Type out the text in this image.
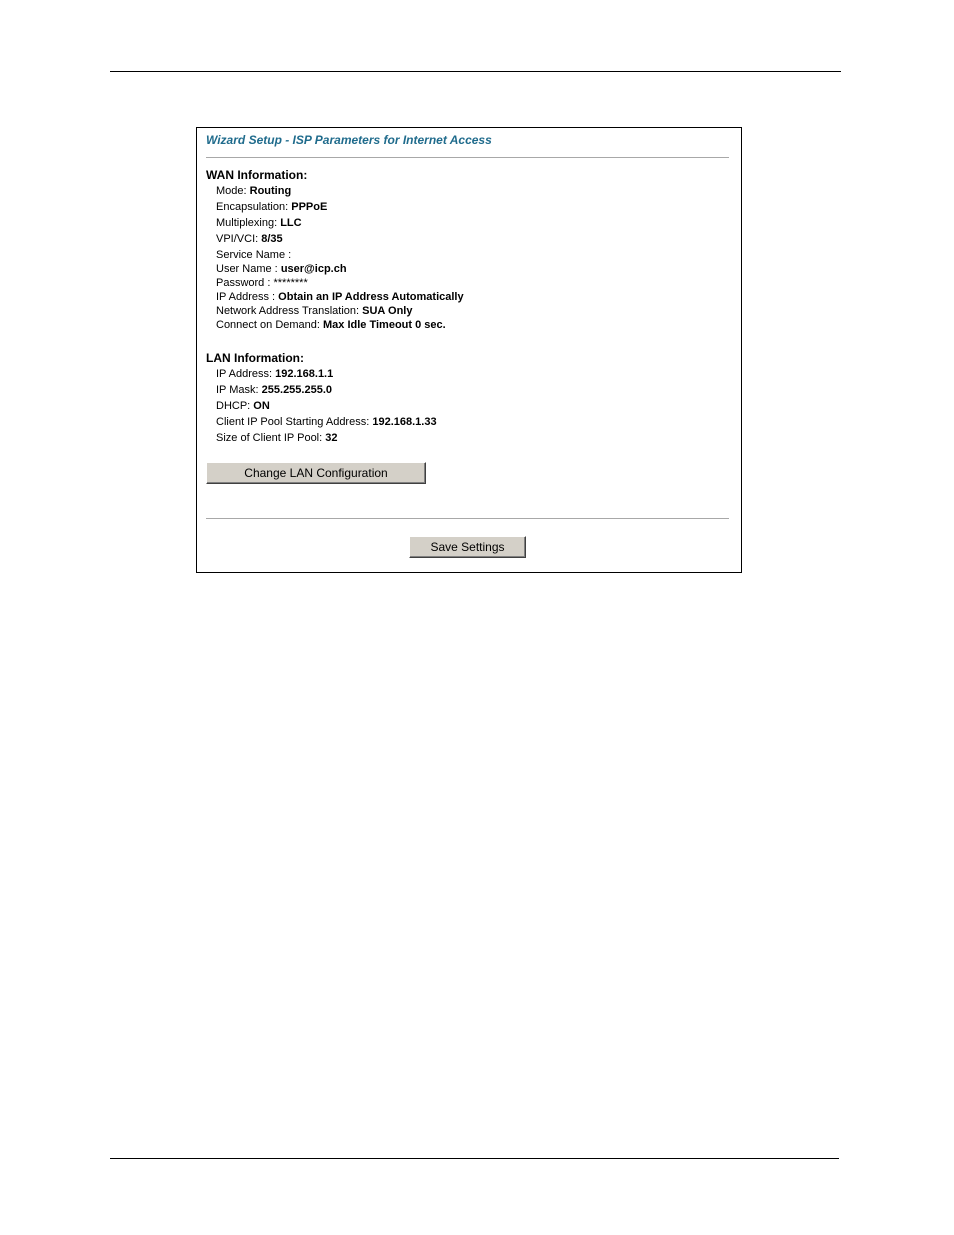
Wizard Setup - ISP Parameters for Internet Access
WAN Information:
Mode: Routing
Encapsulation: PPPoE
Multiplexing: LLC
VPI/VCI: 8/35
Service Name :
User Name : user@icp.ch
Password : ********
IP Address : Obtain an IP Address Automatically
Network Address Translation: SUA Only
Connect on Demand: Max Idle Timeout 0 sec.
LAN Information:
IP Address: 192.168.1.1
IP Mask: 255.255.255.0
DHCP: ON
Client IP Pool Starting Address: 192.168.1.33
Size of Client IP Pool: 32
Change LAN Configuration
Save Settings
